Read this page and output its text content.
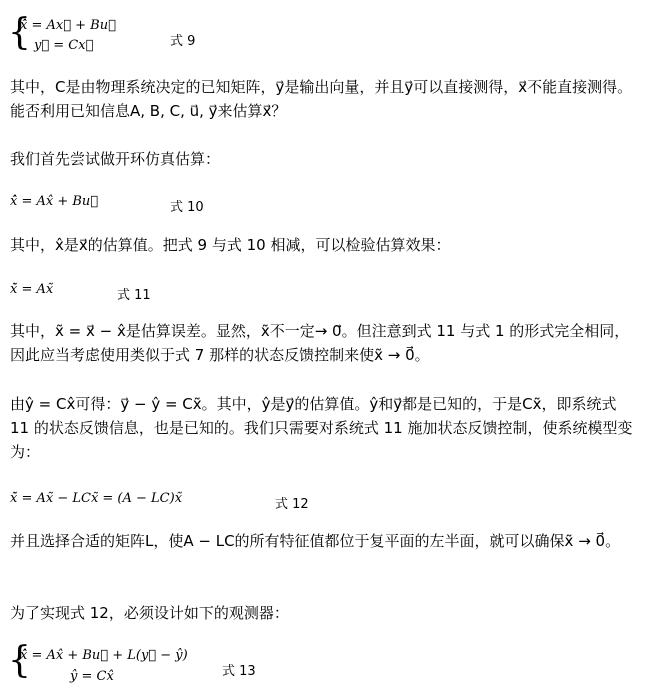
{
x̂̇ = Ax⃗ + Bu⃗
y⃗ = Cx⃗	式 9
其中，C是由物理系统决定的已知矩阵，y⃗是输出向量，并且y⃗可以直接测得，x⃗不能直接测得。能否利用已知信息A, B, C, u⃗, y⃗来估算x⃗？
我们首先尝试做开环仿真估算：
x̂̇ = Ax̂ + Bu⃗	式 10
其中，x̂是x⃗的估算值。把式 9 与式 10 相减，可以检验估算效果：
x̃̇ = Ax̃	式 11
其中，x̃ = x⃗ − x̂是估算误差。显然，x̃不一定→ 0⃗。但注意到式 11 与式 1 的形式完全相同，因此应当考虑使用类似于式 7 那样的状态反馈控制来使x̃ → 0⃗。
由ŷ = Cx̂可得：y⃗ − ŷ = Cx̃。其中，ŷ是y⃗的估算值。ŷ和y⃗都是已知的，于是Cx̃，即系统式 11 的状态反馈信息，也是已知的。我们只需要对系统式 11 施加状态反馈控制，使系统模型变为：
x̃̇ = Ax̃ − LCx̃ = (A − LC)x̃	式 12
并且选择合适的矩阵L，使A − LC的所有特征值都位于复平面的左半面，就可以确保x̃ → 0⃗。
为了实现式 12，必须设计如下的观测器：
{
x̂̇ = Ax̂ + Bu⃗ + L(y⃗ − ŷ)
ŷ = Cx̂	式 13
